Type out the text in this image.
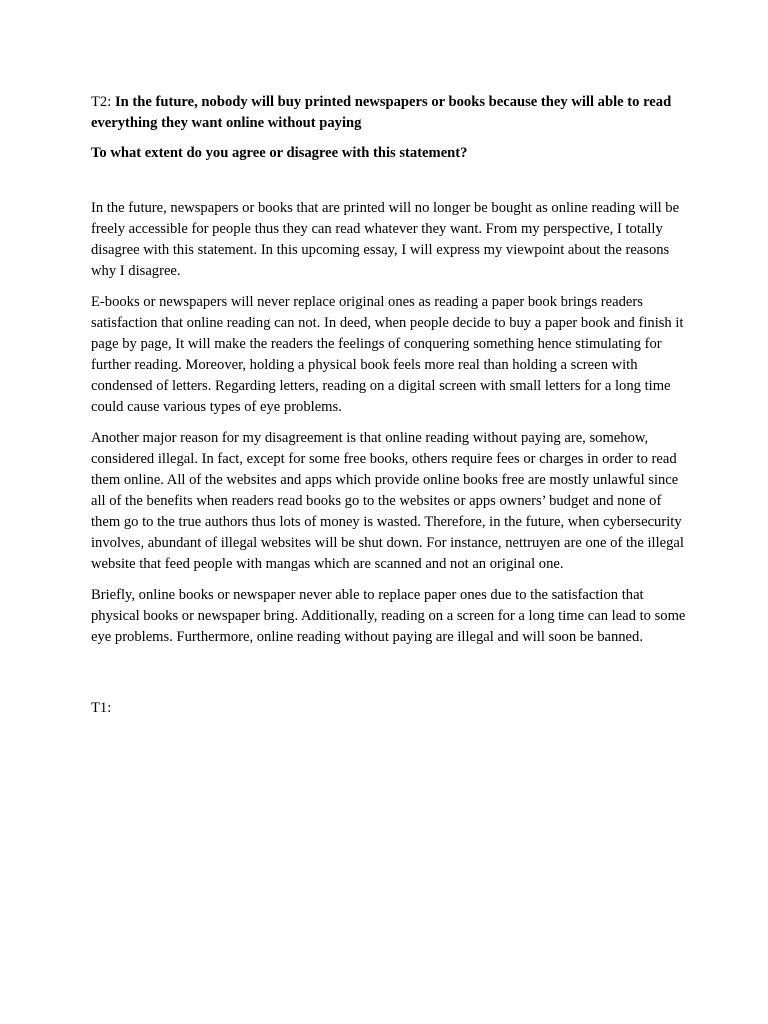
T2: In the future, nobody will buy printed newspapers or books because they will able to read everything they want online without paying

To what extent do you agree or disagree with this statement?

In the future, newspapers or books that are printed will no longer be bought as online reading will be freely accessible for people thus they can read whatever they want. From my perspective, I totally disagree with this statement. In this upcoming essay, I will express my viewpoint about the reasons why I disagree.

E-books or newspapers will never replace original ones as reading a paper book brings readers satisfaction that online reading can not. In deed, when people decide to buy a paper book and finish it page by page, It will make the readers the feelings of conquering something hence stimulating for further reading. Moreover, holding a physical book feels more real than holding a screen with condensed of letters. Regarding letters, reading on a digital screen with small letters for a long time could cause various types of eye problems.

Another major reason for my disagreement is that online reading without paying are, somehow, considered illegal. In fact, except for some free books, others require fees or charges in order to read them online. All of the websites and apps which provide online books free are mostly unlawful since all of the benefits when readers read books go to the websites or apps owners’ budget and none of them go to the true authors thus lots of money is wasted. Therefore, in the future, when cybersecurity involves, abundant of illegal websites will be shut down. For instance, nettruyen are one of the illegal website that feed people with mangas which are scanned and not an original one.

Briefly, online books or newspaper never able to replace paper ones due to the satisfaction that physical books or newspaper bring. Additionally, reading on a screen for a long time can lead to some eye problems. Furthermore, online reading without paying are illegal and will soon be banned.

T1:
